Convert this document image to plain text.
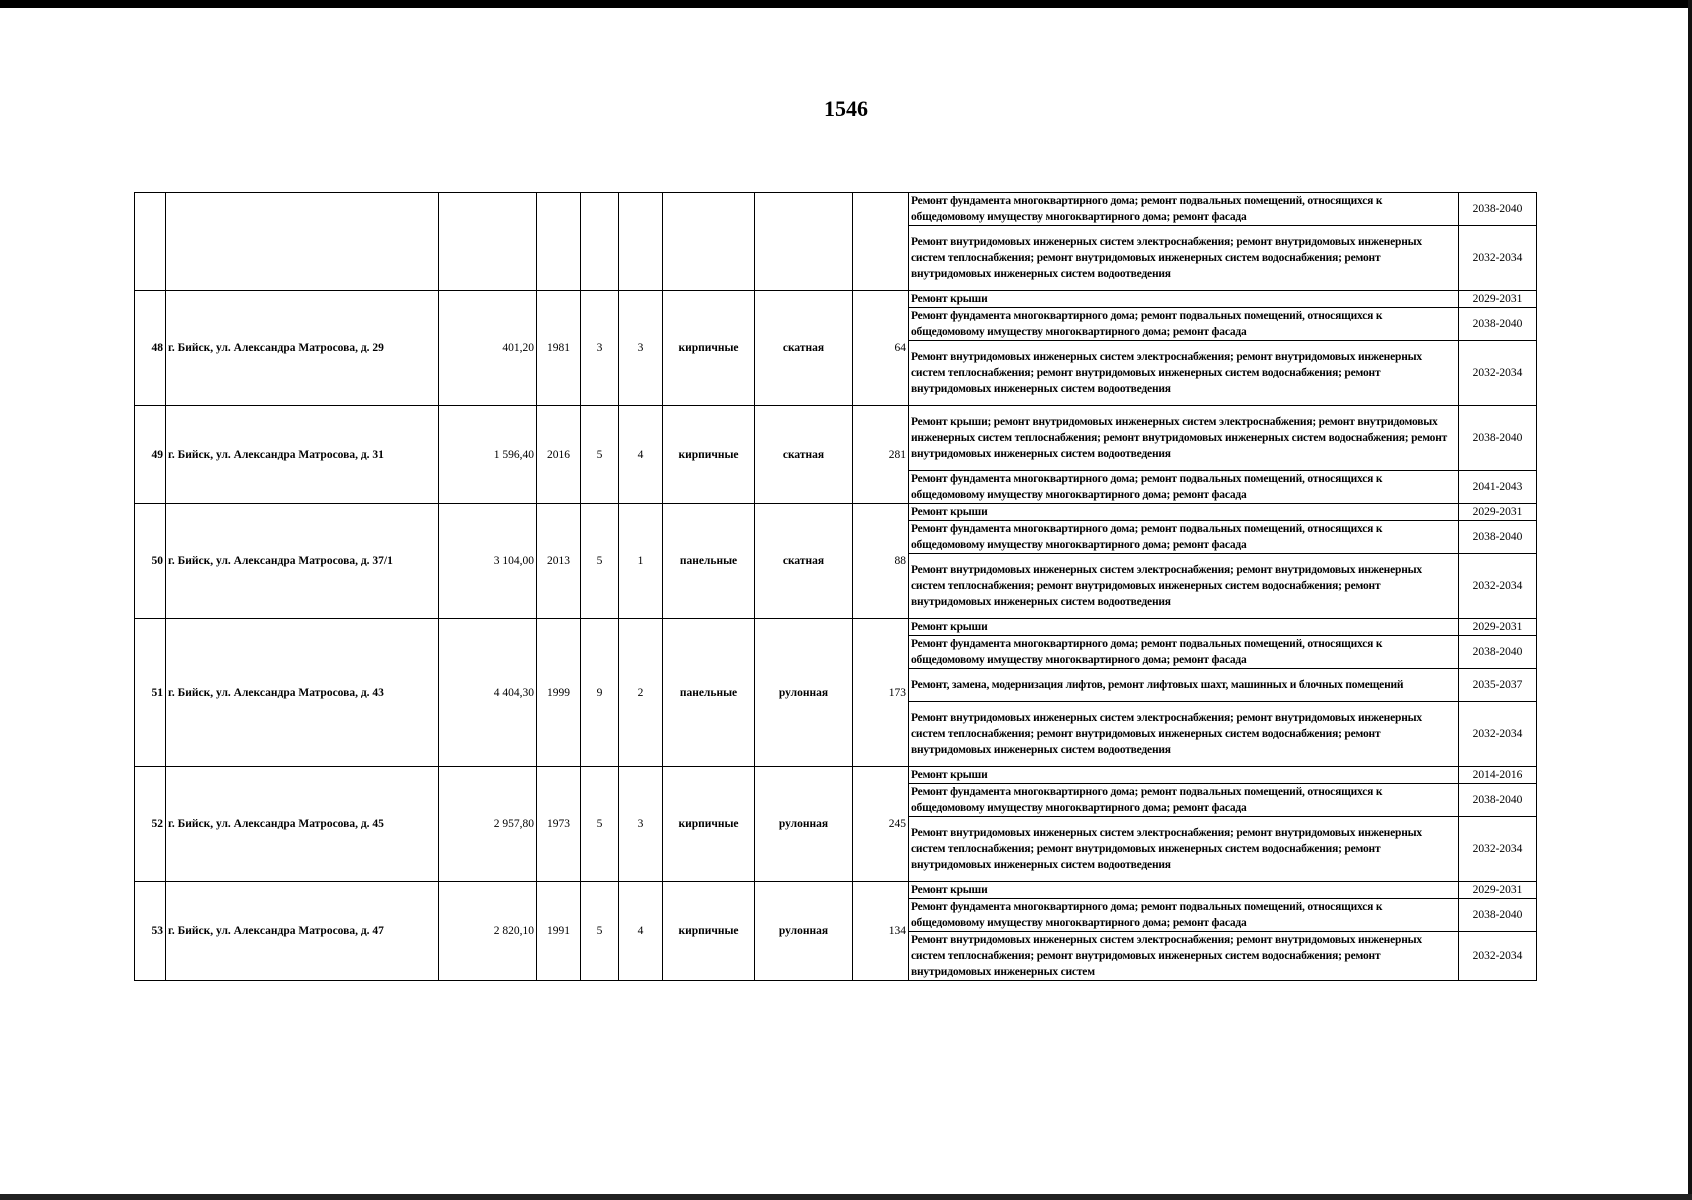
1546
									Ремонт фундамента многоквартирного дома; ремонт подвальных помещений, относящихся к общедомовому имуществу многоквартирного дома; ремонт фасада	2038-2040
									Ремонт внутридомовых инженерных систем электроснабжения; ремонт внутридомовых инженерных систем теплоснабжения; ремонт внутридомовых инженерных систем водоснабжения; ремонт внутридомовых инженерных систем водоотведения	2032-2034
48	г. Бийск, ул. Александра Матросова, д. 29	401,20	1981	3	3	кирпичные	скатная	64	Ремонт крыши	2029-2031
									Ремонт фундамента многоквартирного дома; ремонт подвальных помещений, относящихся к общедомовому имуществу многоквартирного дома; ремонт фасада	2038-2040
									Ремонт внутридомовых инженерных систем электроснабжения; ремонт внутридомовых инженерных систем теплоснабжения; ремонт внутридомовых инженерных систем водоснабжения; ремонт внутридомовых инженерных систем водоотведения	2032-2034
49	г. Бийск, ул. Александра Матросова, д. 31	1 596,40	2016	5	4	кирпичные	скатная	281	Ремонт крыши; ремонт внутридомовых инженерных систем электроснабжения; ремонт внутридомовых инженерных систем теплоснабжения; ремонт внутридомовых инженерных систем водоснабжения; ремонт внутридомовых инженерных систем водоотведения	2038-2040
									Ремонт фундамента многоквартирного дома; ремонт подвальных помещений, относящихся к общедомовому имуществу многоквартирного дома; ремонт фасада	2041-2043
50	г. Бийск, ул. Александра Матросова, д. 37/1	3 104,00	2013	5	1	панельные	скатная	88	Ремонт крыши	2029-2031
									Ремонт фундамента многоквартирного дома; ремонт подвальных помещений, относящихся к общедомовому имуществу многоквартирного дома; ремонт фасада	2038-2040
									Ремонт внутридомовых инженерных систем электроснабжения; ремонт внутридомовых инженерных систем теплоснабжения; ремонт внутридомовых инженерных систем водоснабжения; ремонт внутридомовых инженерных систем водоотведения	2032-2034
51	г. Бийск, ул. Александра Матросова, д. 43	4 404,30	1999	9	2	панельные	рулонная	173	Ремонт крыши	2029-2031
									Ремонт фундамента многоквартирного дома; ремонт подвальных помещений, относящихся к общедомовому имуществу многоквартирного дома; ремонт фасада	2038-2040
									Ремонт, замена, модернизация лифтов, ремонт лифтовых шахт, машинных и блочных помещений	2035-2037
									Ремонт внутридомовых инженерных систем электроснабжения; ремонт внутридомовых инженерных систем теплоснабжения; ремонт внутридомовых инженерных систем водоснабжения; ремонт внутридомовых инженерных систем водоотведения	2032-2034
52	г. Бийск, ул. Александра Матросова, д. 45	2 957,80	1973	5	3	кирпичные	рулонная	245	Ремонт крыши	2014-2016
									Ремонт фундамента многоквартирного дома; ремонт подвальных помещений, относящихся к общедомовому имуществу многоквартирного дома; ремонт фасада	2038-2040
									Ремонт внутридомовых инженерных систем электроснабжения; ремонт внутридомовых инженерных систем теплоснабжения; ремонт внутридомовых инженерных систем водоснабжения; ремонт внутридомовых инженерных систем водоотведения	2032-2034
53	г. Бийск, ул. Александра Матросова, д. 47	2 820,10	1991	5	4	кирпичные	рулонная	134	Ремонт крыши	2029-2031
									Ремонт фундамента многоквартирного дома; ремонт подвальных помещений, относящихся к общедомовому имуществу многоквартирного дома; ремонт фасада	2038-2040
									Ремонт внутридомовых инженерных систем электроснабжения; ремонт внутридомовых инженерных систем теплоснабжения; ремонт внутридомовых инженерных систем водоснабжения; ремонт внутридомовых инженерных систем	2032-2034
